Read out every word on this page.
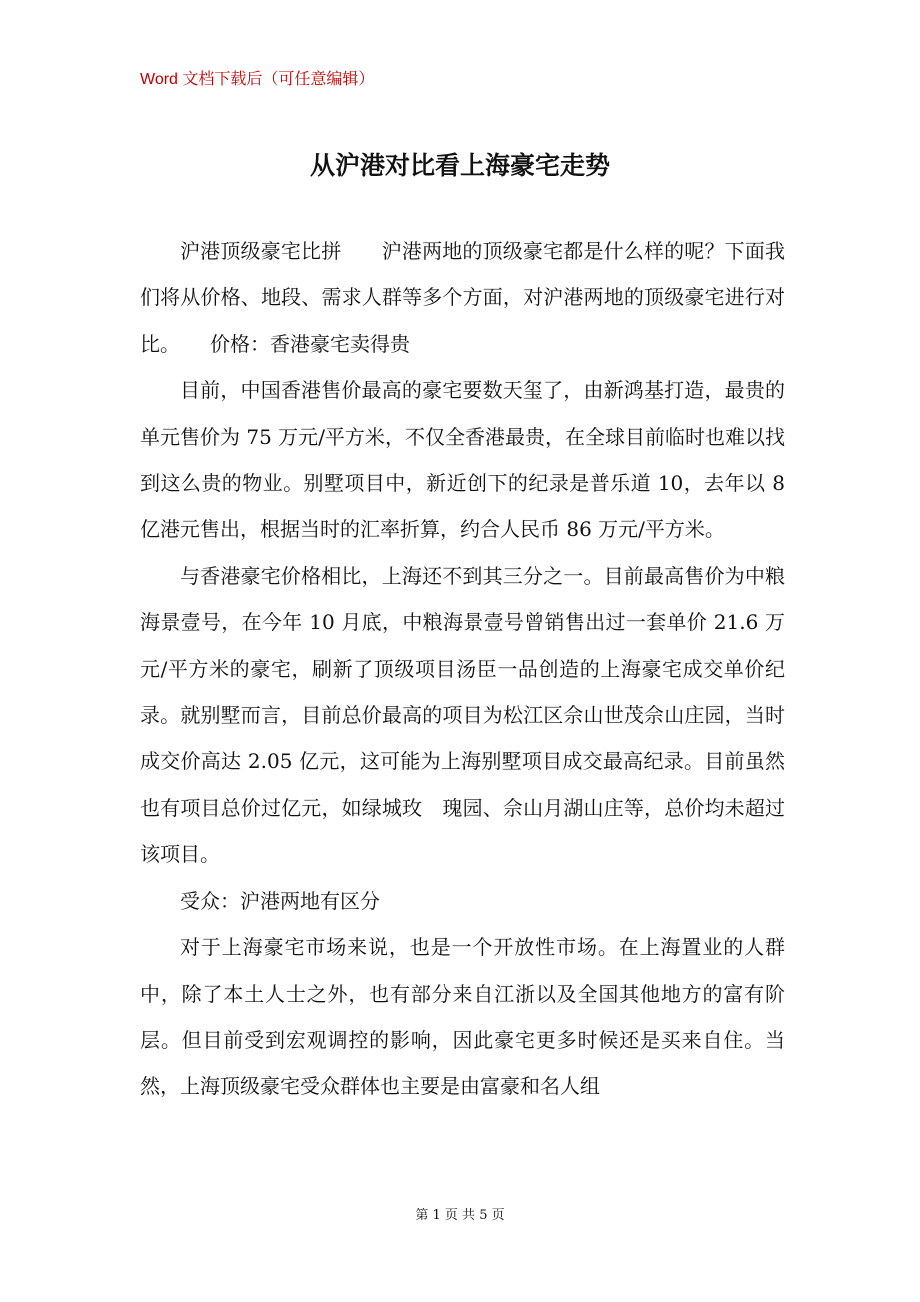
Word 文档下载后（可任意编辑）
从沪港对比看上海豪宅走势

沪港顶级豪宅比拼　　沪港两地的顶级豪宅都是什么样的呢？下面我们将从价格、地段、需求人群等多个方面，对沪港两地的顶级豪宅进行对比。　　价格：香港豪宅卖得贵

目前，中国香港售价最高的豪宅要数天玺了，由新鸿基打造，最贵的单元售价为 75 万元/平方米，不仅全香港最贵，在全球目前临时也难以找到这么贵的物业。别墅项目中，新近创下的纪录是普乐道 10，去年以 8 亿港元售出，根据当时的汇率折算，约合人民币 86 万元/平方米。

与香港豪宅价格相比，上海还不到其三分之一。目前最高售价为中粮海景壹号，在今年 10 月底，中粮海景壹号曾销售出过一套单价 21.6 万元/平方米的豪宅，刷新了顶级项目汤臣一品创造的上海豪宅成交单价纪录。就别墅而言，目前总价最高的项目为松江区佘山世茂佘山庄园，当时成交价高达 2.05 亿元，这可能为上海别墅项目成交最高纪录。目前虽然也有项目总价过亿元，如绿城玫　瑰园、佘山月湖山庄等，总价均未超过该项目。

受众：沪港两地有区分

对于上海豪宅市场来说，也是一个开放性市场。在上海置业的人群中，除了本土人士之外，也有部分来自江浙以及全国其他地方的富有阶层。但目前受到宏观调控的影响，因此豪宅更多时候还是买来自住。当然，上海顶级豪宅受众群体也主要是由富豪和名人组

第 1 页 共 5 页
